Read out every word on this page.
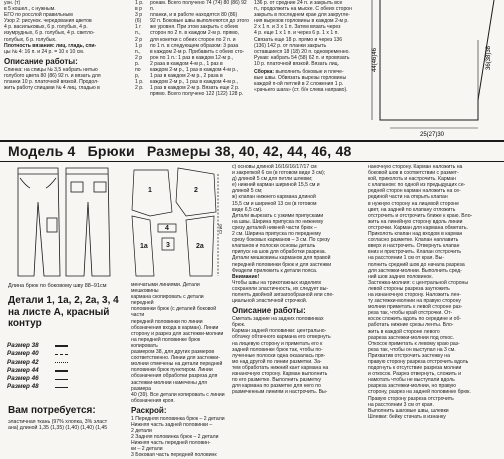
узн. (т)

в 5 кошел., с нужным.

ЕГО по росслой правильным

Узор 2: рисунок. чередования цветов

4 р. васильковых, 6 р. голубых, 4 р.

изумрудных, 6 р. голубых, 4 р. светло-

голубых, 6 р. голубых.

Плотность вязания: лиц. гладь, спи-

цы № 4: 16 п. и 24 р. = 10 х 10 см.

Описание работы:

Спинка: на спицы № 3,5 набрать нитью

голубого цвета 80 (86) 92 п. и вязать для

планки 10 р. платочной вязкой. Продол-

жить работу спицами № 4 лиц. гладью в

1 р.

в р

3 р

(6)

1 г

п.,

2 р

1 р

п.,

2 р

р.

по

р,

1 р.

2 р.

ронам. Всего получено 74 (74) 80 (86) 92 п.

планки, и в работе находятся 80 (86)

92 п. Боковые швы выполняются до этого

же уровня. При этом закрыть с обеих

сторон по 2 п. в каждом 2-м р. прямо,

для кокетки с обеих сторон по 2 п. и

по 1 п. в следующем образом: 3 раза

в каждом 2-м р. Прибавить с обеих сто-

рон по 1 п.: 1 раз в каждом 12-м р.,

2 раза в каждом 4-м р., 1 раз в

каждом 2-м р., 1 раз в каждом 4-м р.,

1 раз в каждом 2-м р., 2 раза в

каждом 2-м р., 1 раз в каждом 4-м р.,

1 раз в каждом 2-м р. Вязать еще 2 р.

прямо. Всего получено 122 (122) 128 р.

136 р. от средние 24 п. и закрыть все

п., продолжить на мыске. С обеих сторон

закрыть в последнем крае для закругле-

ния вырезов горловины в каждом 2-м р.

2 х 1 п. и 3 х 1 п. Затем вязать через

4 р. еще 1 х 1 п. и через 6 р. 1 х 1 п.

Связать еще 18 р. прямо и через 136

(136) 142 р. от планки закрыть

оставшиеся 18 (18) 20 п. одновременно.

Рукав: набрать 54 (58) 62 п. и провязать

10 р. платочной вязкой. Вязать лиц.

Сборка: выполнить боковые и плече-

вые швы. Обвязать вырезы горловины

каждой п-ой петлей в 2 сложения 1 р.

«рачьего шага» (ст. б/н слева направо).

44(46)46	36(38)38
25(27)30
Модель 4 Брюки Размеры 38, 40, 42, 44, 46, 48
Длина брюк по боковому шву 88–91см
Детали 1, 1а, 2, 2а, 3, 4 на листе А, красный контур
Размер 38
Размер 40
Размер 42
Размер 44
Размер 46
Размер 48
Вам потребуется:
эластичная ткань (97% хлопка, 3% эласт
ана) длиной 1,35 (1,35) (1,40) (1,40) (1,45
1
1а
2
2а
3
4	Сгиб

менчатыми линиями. Детали мешковины

кармана скопировать с детали передней

половинки брюк (с деталей боковой части

передней половинки по линии

обозначения входа в карман). Линии

сторону и разрез для застежки-молнии

на передней половинке брюк копировать

размером 38, для других размеров

соответственно. Линии для застежки-

молнии отмечены на детали передней

половинки брюк пунктиром. Линии

обозначения обработки разреза для

застежки-молнии намечены для размера

40 (39). Все детали копировать с линии

обозначения кроя.

Раскрой:

1 Передняя половинка брюк – 2 детали

Нижняя часть задней половинки –

2 детали

2 Задняя половинка брюк – 2 детали

Нижняя часть передней половин-

ки – 2 детали

3 Боковая часть передней половинк

с) основы длиной 16/16/16/17/17 см

и закрепкой 6 см (в готовом виде 3 см);

д) длиной 5 см для петли шлевки;

е) нижний карман шириной 15,5 см и

длиной 5 см;

ж) клапан нижнего кармана длиной

15,5 см и шириной 13 см (в готовом

виде 6,5 см).

Детали вырезать с узкими припусками

на швы. Ширина припуска по нижнему

срезу деталей нижней части брюк –

2 см. Ширина припуска по переднему

срезу боковых карманов – 3 см. По срезу

клапанов и полоски основы деталь

припуск на шов для обработки разреза.

Детали мешковины карманов для правой

передней половинки брюк и для застежки

Физдели прилюкить к детали пояса.

Внимание!

Чтобы швы на трикотажных изделиях

сохраняли эластичность, их следует вы-

полнять двойной зигзагообразной или спе-

циальной эластичной строчкой.

Описание работы:

Сметать задние на задних половинках

брюк.

Карман задней половинки: центрально-

обтачку обтачного кармана его отвернуть

на лицевую сторону и приметать его к

задней половинке брюк так, чтобы по-

лученные полоски одна оказалась пря-

мо над другой по линии разметки. За-

тем обработать нижний кант кармана на

изнаночную сторону. Карман выполнить

по его разметке. Выполнить разметку

для кармана по разметке для него по

размеченным линиям и настрочить. Вы-

наночную сторону. Карман наложить на

боковой шов в соответствии с размет-

кой, приколоть и настрочить. Карман

с клапаном: по одной из предыдущих се-

редней сторон карман наложить на се-

рединой части на открыть клапан

в нужную сторону на лицевой стороне

цвет, на задней по клапану отложить

отстрочить и отстрочить ближе к краю. Вло-

жить на линейную сторону вдоль линии

отстрочки. Карман для кармана обметать.

Приколоть клапан над входом в карман

согласно разметке. Клапан наплавить

вверх и настрочить. Отвернуть клапан

вниз и пристрочить. Клапан отстрочить

на расстоянии 1 см от края. Вы-

полнить средний шов до начала разреза

для застежки-молнии. Выполнить сред-

ний шов задних половинок.

Застежка-молния: с центральной стороны

левой стороны разреза заутюжить

на изнаночную сторону. Наложить лен-

ту застежки-молнии на правую сторону

молнии приметать к левой стороне раз-

реза так, чтобы край отстрочки. От-

косок сложить вдоль по середине и об-

работать нижние срезы ленты. Вло-

жить в каждой стороне левого

разреза застежки-молнии под откос.

Откосок приметать к левому краю раз-

реза так, чтобы он выступал на 3 см.

Прихватив отстрочить застежку на

правую сторону разреза отстрочить вдоль

подогнуть к отсутствие разреза молнии

и откосок. Разрез отвернуть, сложить и

намотать чтобы не выступали вдоль

разреза застежки-молнии, но правую

сторону, разрез на задней половинке брюк.

Правую сторону разреза отстрочить

на расстоянии 3 см от края.

Выполнить шаговые швы, шлевки

Шлевки: бейку стачать в изнанку
